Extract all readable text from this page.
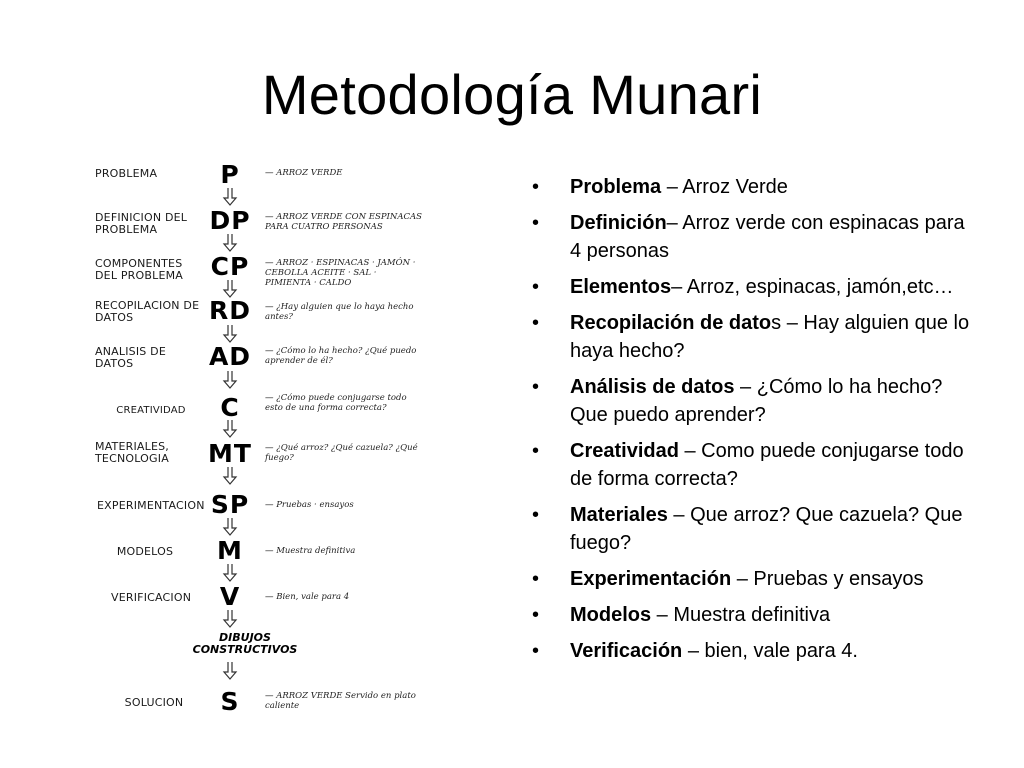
Metodología Munari
PROBLEMA	P	— ARROZ VERDE
DEFINICION DEL PROBLEMA	DP	— ARROZ VERDE CON ESPINACAS PARA CUATRO PERSONAS
COMPONENTES DEL PROBLEMA	CP	— ARROZ · ESPINACAS · JAMÓN · CEBOLLA ACEITE · SAL · PIMIENTA · CALDO
RECOPILACION DE DATOS	RD	— ¿Hay alguien que lo haya hecho antes?
ANALISIS DE DATOS	AD	— ¿Cómo lo ha hecho? ¿Qué puedo aprender de él?
CREATIVIDAD	C	— ¿Cómo puede conjugarse todo esto de una forma correcta?
MATERIALES, TECNOLOGIA	MT	— ¿Qué arroz? ¿Qué cazuela? ¿Qué fuego?
EXPERIMENTACION SP	— Pruebas · ensayos
MODELOS	M	— Muestra definitiva
VERIFICACION	V	— Bien, vale para 4
DIBUJOS CONSTRUCTIVOS
SOLUCION	S	— ARROZ VERDE Servido en plato caliente
• Problema – Arroz Verde
• Definición– Arroz verde con espinacas para 4 personas
• Elementos– Arroz, espinacas, jamón,etc…
• Recopilación de datos – Hay alguien que lo haya hecho?
• Análisis de datos – ¿Cómo lo ha hecho? Que puedo aprender?
• Creatividad – Como puede conjugarse todo de forma correcta?
• Materiales – Que arroz? Que cazuela? Que fuego?
• Experimentación – Pruebas y ensayos
• Modelos – Muestra definitiva
• Verificación – bien, vale para 4.
